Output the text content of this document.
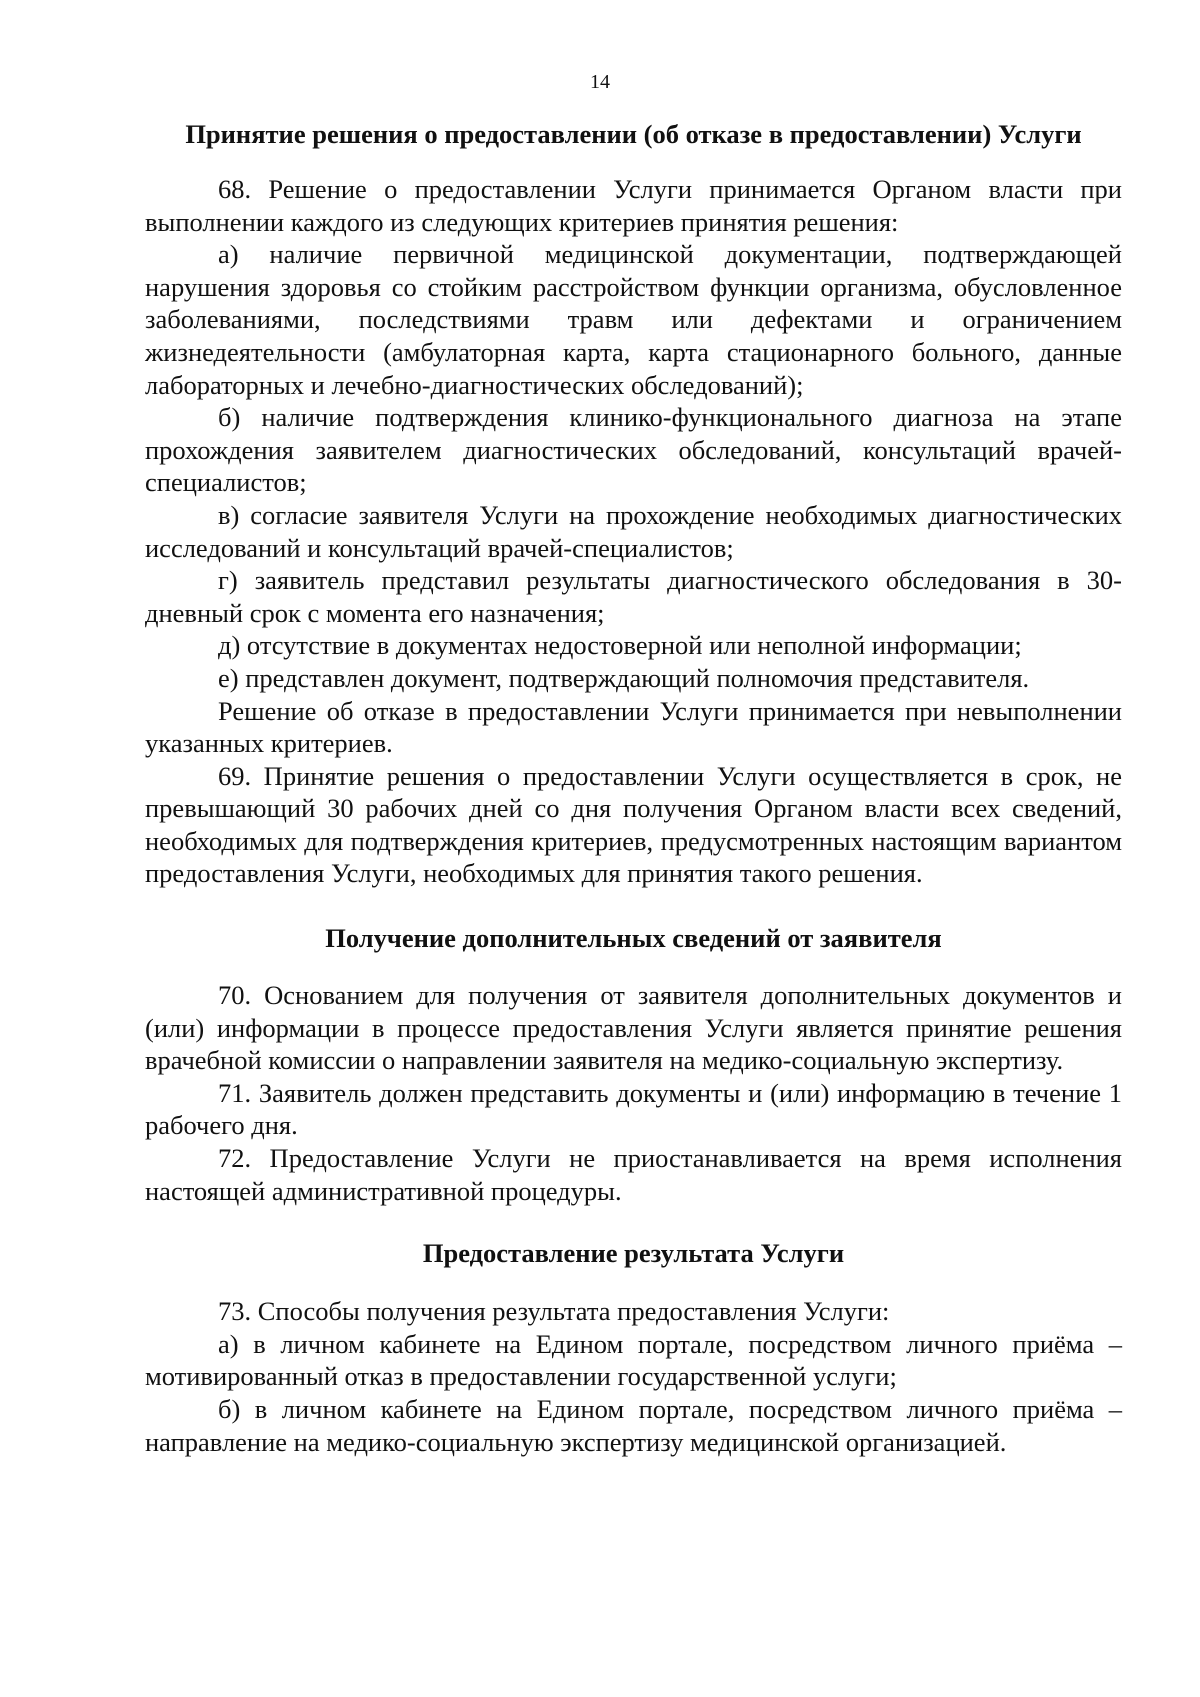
14
Принятие решения о предоставлении (об отказе в предоставлении) Услуги

68. Решение о предоставлении Услуги принимается Органом власти при выполнении каждого из следующих критериев принятия решения:

а) наличие первичной медицинской документации, подтверждающей нарушения здоровья со стойким расстройством функции организма, обусловленное заболеваниями, последствиями травм или дефектами и ограничением жизнедеятельности (амбулаторная карта, карта стационарного больного, данные лабораторных и лечебно-диагностических обследований);

б) наличие подтверждения клинико-функционального диагноза на этапе прохождения заявителем диагностических обследований, консультаций врачей-специалистов;

в) согласие заявителя Услуги на прохождение необходимых диагностических исследований и консультаций врачей-специалистов;

г) заявитель представил результаты диагностического обследования в 30-дневный срок с момента его назначения;

д) отсутствие в документах недостоверной или неполной информации;

е) представлен документ, подтверждающий полномочия представителя.

Решение об отказе в предоставлении Услуги принимается при невыполнении указанных критериев.

69. Принятие решения о предоставлении Услуги осуществляется в срок, не превышающий 30 рабочих дней со дня получения Органом власти всех сведений, необходимых для подтверждения критериев, предусмотренных настоящим вариантом предоставления Услуги, необходимых для принятия такого решения.

Получение дополнительных сведений от заявителя

70. Основанием для получения от заявителя дополнительных документов и (или) информации в процессе предоставления Услуги является принятие решения врачебной комиссии о направлении заявителя на медико-социальную экспертизу.

71. Заявитель должен представить документы и (или) информацию в течение 1 рабочего дня.

72. Предоставление Услуги не приостанавливается на время исполнения настоящей административной процедуры.

Предоставление результата Услуги

73. Способы получения результата предоставления Услуги:

а) в личном кабинете на Едином портале, посредством личного приёма – мотивированный отказ в предоставлении государственной услуги;

б) в личном кабинете на Едином портале, посредством личного приёма – направление на медико-социальную экспертизу медицинской организацией.
